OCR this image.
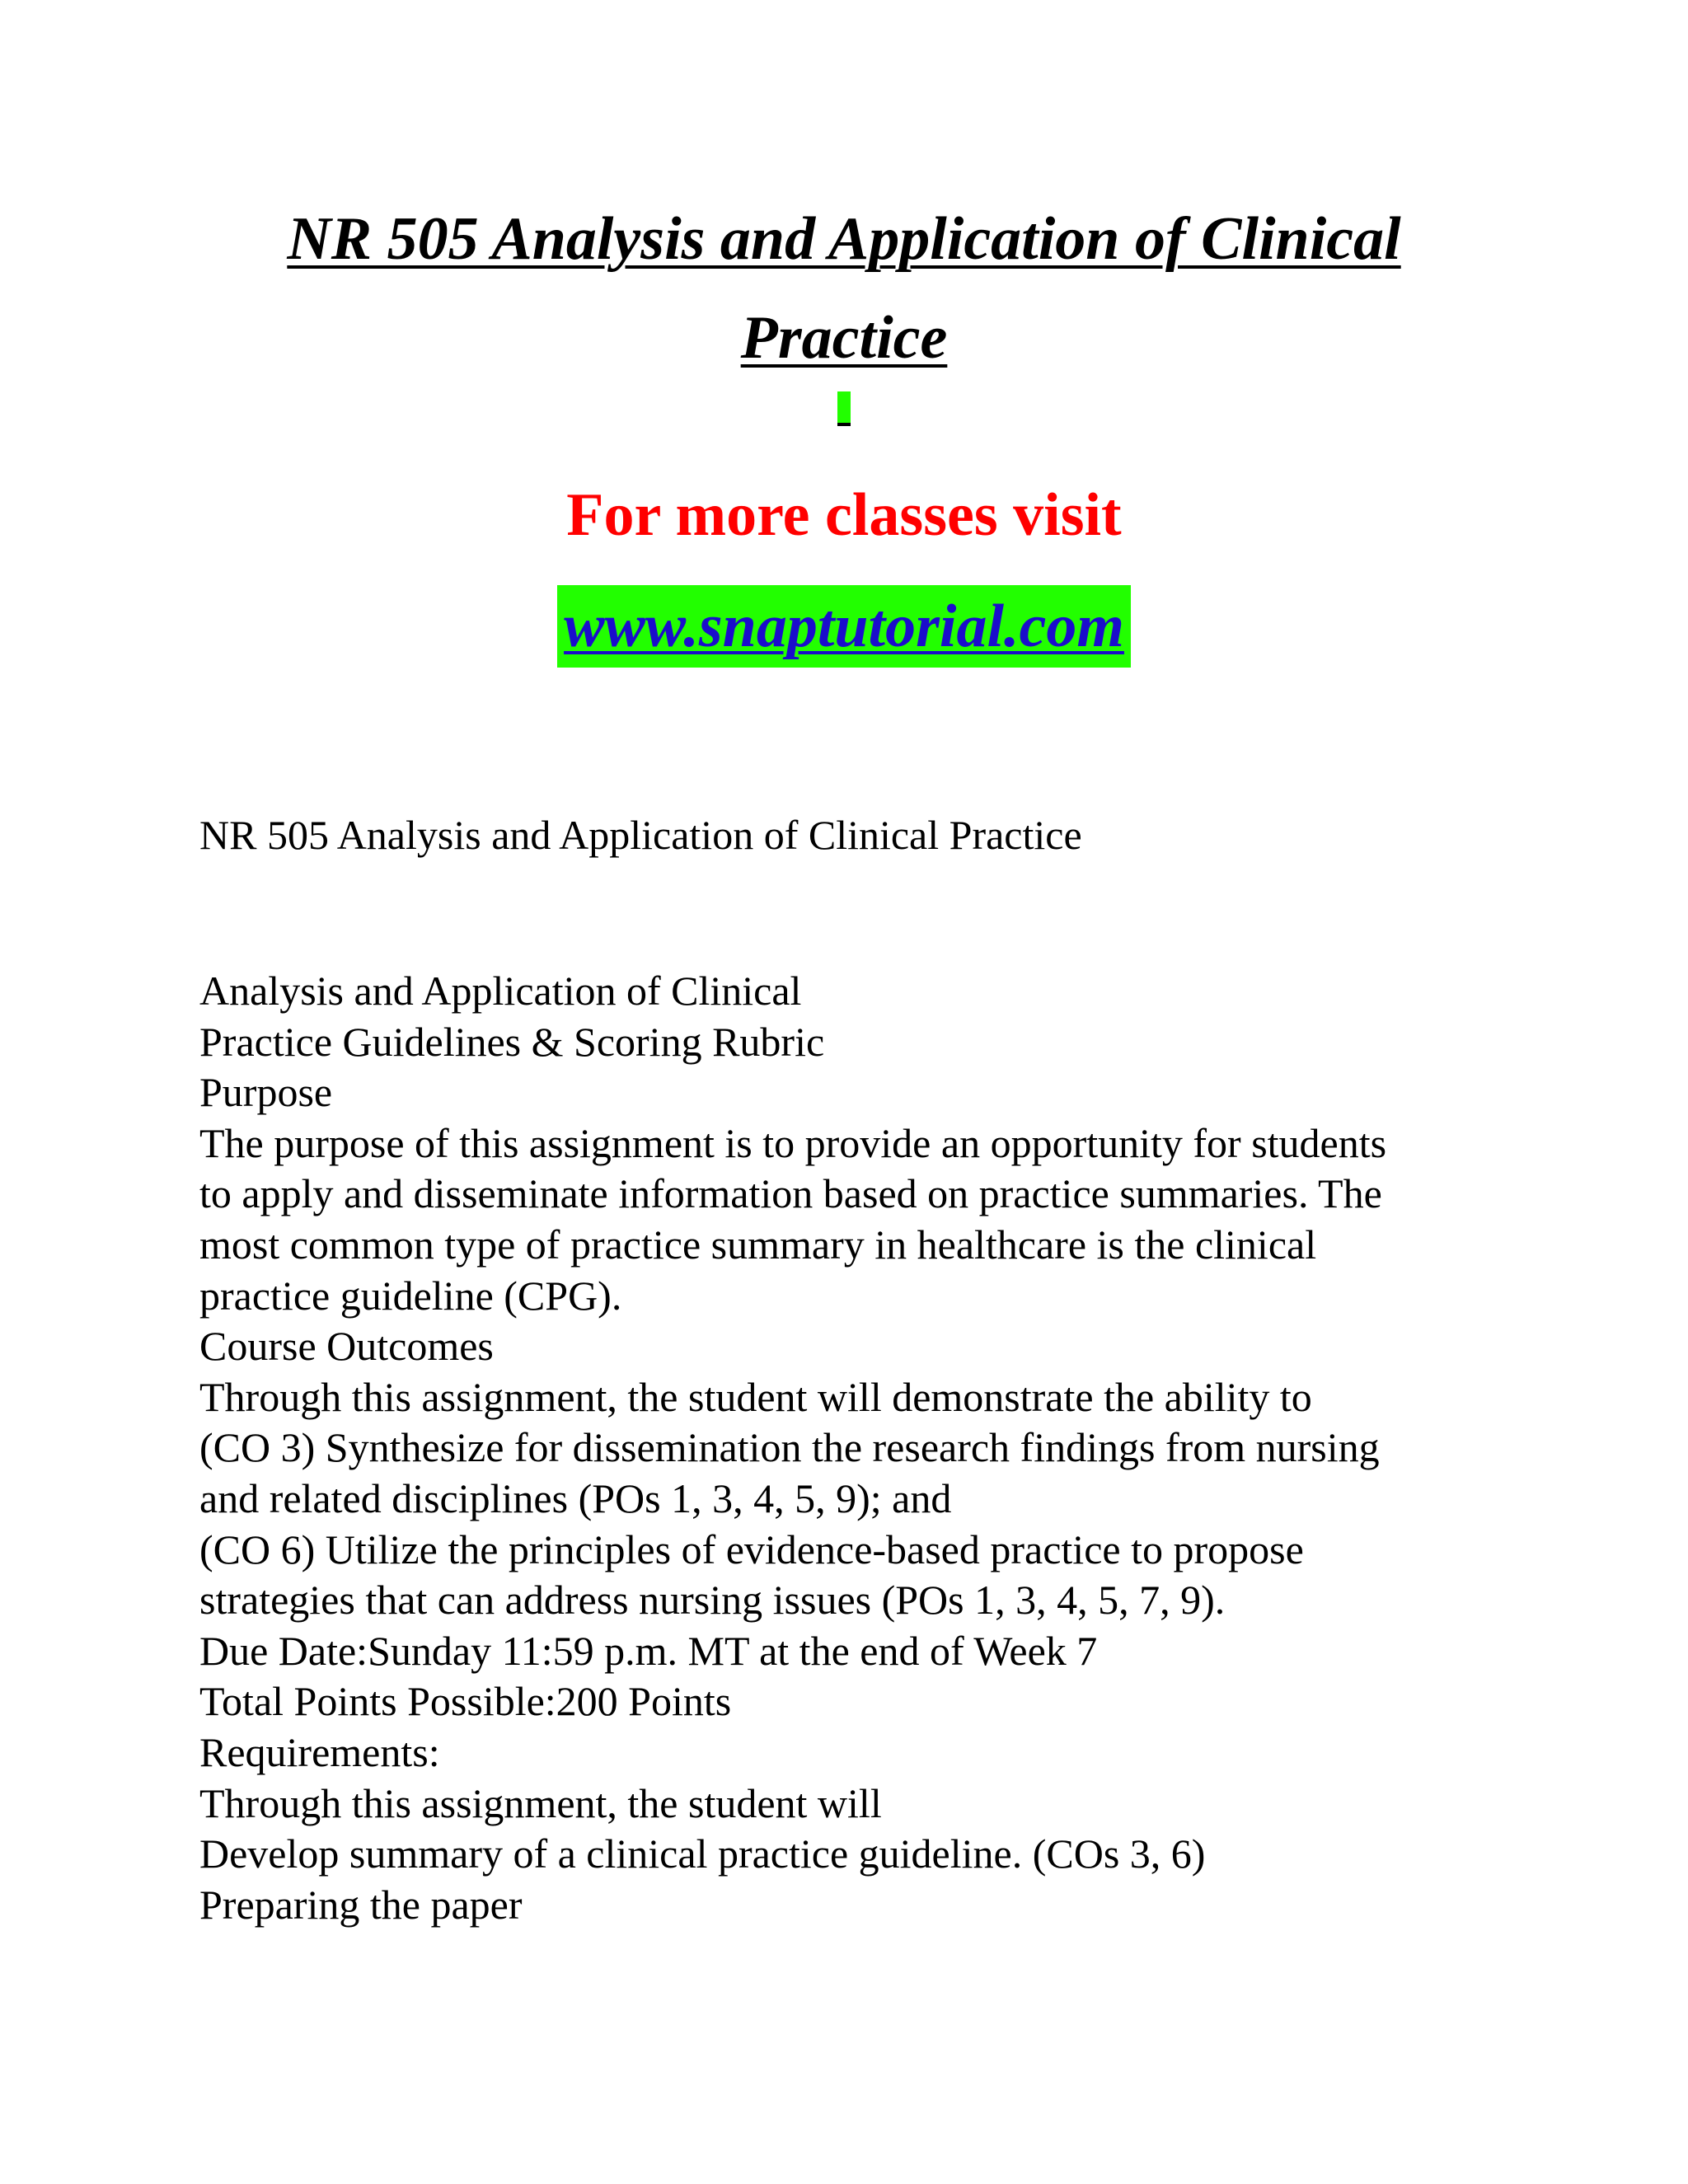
NR 505 Analysis and Application of Clinical Practice
For more classes visit
www.snaptutorial.com
NR 505 Analysis and Application of Clinical Practice
Analysis and Application of Clinical
Practice Guidelines & Scoring Rubric
Purpose
The purpose of this assignment is to provide an opportunity for students
to apply and disseminate information based on practice summaries. The
most common type of practice summary in healthcare is the clinical
practice guideline (CPG).
Course Outcomes
Through this assignment, the student will demonstrate the ability to
(CO 3) Synthesize for dissemination the research findings from nursing
and related disciplines (POs 1, 3, 4, 5, 9); and
(CO 6) Utilize the principles of evidence-based practice to propose
strategies that can address nursing issues (POs 1, 3, 4, 5, 7, 9).
Due Date:Sunday 11:59 p.m. MT at the end of Week 7
Total Points Possible:200 Points
Requirements:
Through this assignment, the student will
Develop summary of a clinical practice guideline. (COs 3, 6)
Preparing the paper
